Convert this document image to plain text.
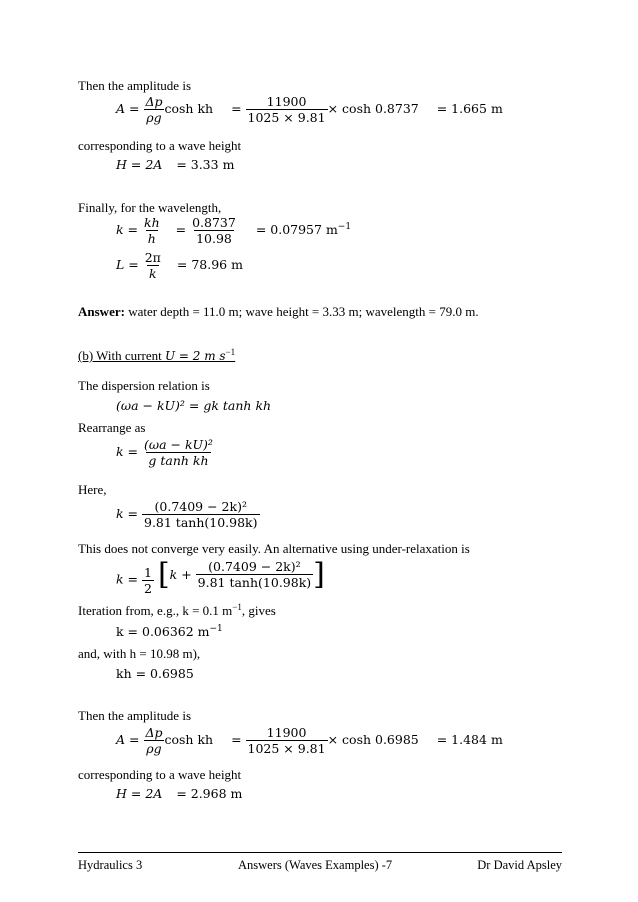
Then the amplitude is
$A = \frac{\Delta p}{\rho g}$ cosh kh = $\frac{11900}{1025 \times 9.81} \times \cosh 0.8737 = 1.665$ m
corresponding to a wave height
H = 2A = 3.33 m
Finally, for the wavelength,
$k = \frac{kh}{h} = \frac{0.8737}{10.98} = 0.07957$ $m^{-1}$
$L = \frac{2\pi}{k} = 78.96$ m
Answer: water depth = 11.0 m; wave height = 3.33 m; wavelength = 79.0 m.
(b) With current U = 2 m $s^{-1}$
The dispersion relation is
(ωa − kU)² = gk tanh kh
Rearrange as
$k = \frac{\text{(ωa − kU)²}}{\text{g tanh kh}}$
Here,
$k = \frac{\text{(0.7409 − 2k)²}}{9.81 \tanh(10.98k)}$
This does not converge very easily. An alternative using under-relaxation is
$k = \frac{1}{2}$
[ $k + \frac{\text{(0.7409 − 2k)²}}{9.81 \tanh(10.98k)}$ ]
Iteration from, e.g., k = 0.1 $m^{-1}$, gives
k = 0.06362 $m^{-1}$
and, with h = 10.98 m),
kh = 0.6985
Then the amplitude is
$A = \frac{\Delta p}{\rho g}$ cosh kh = $\frac{11900}{1025 \times 9.81} \times \cosh 0.6985 = 1.484$ m
corresponding to a wave height
H = 2A = 2.968 m
Hydraulics 3	Answers (Waves Examples) -7	Dr David Apsley
